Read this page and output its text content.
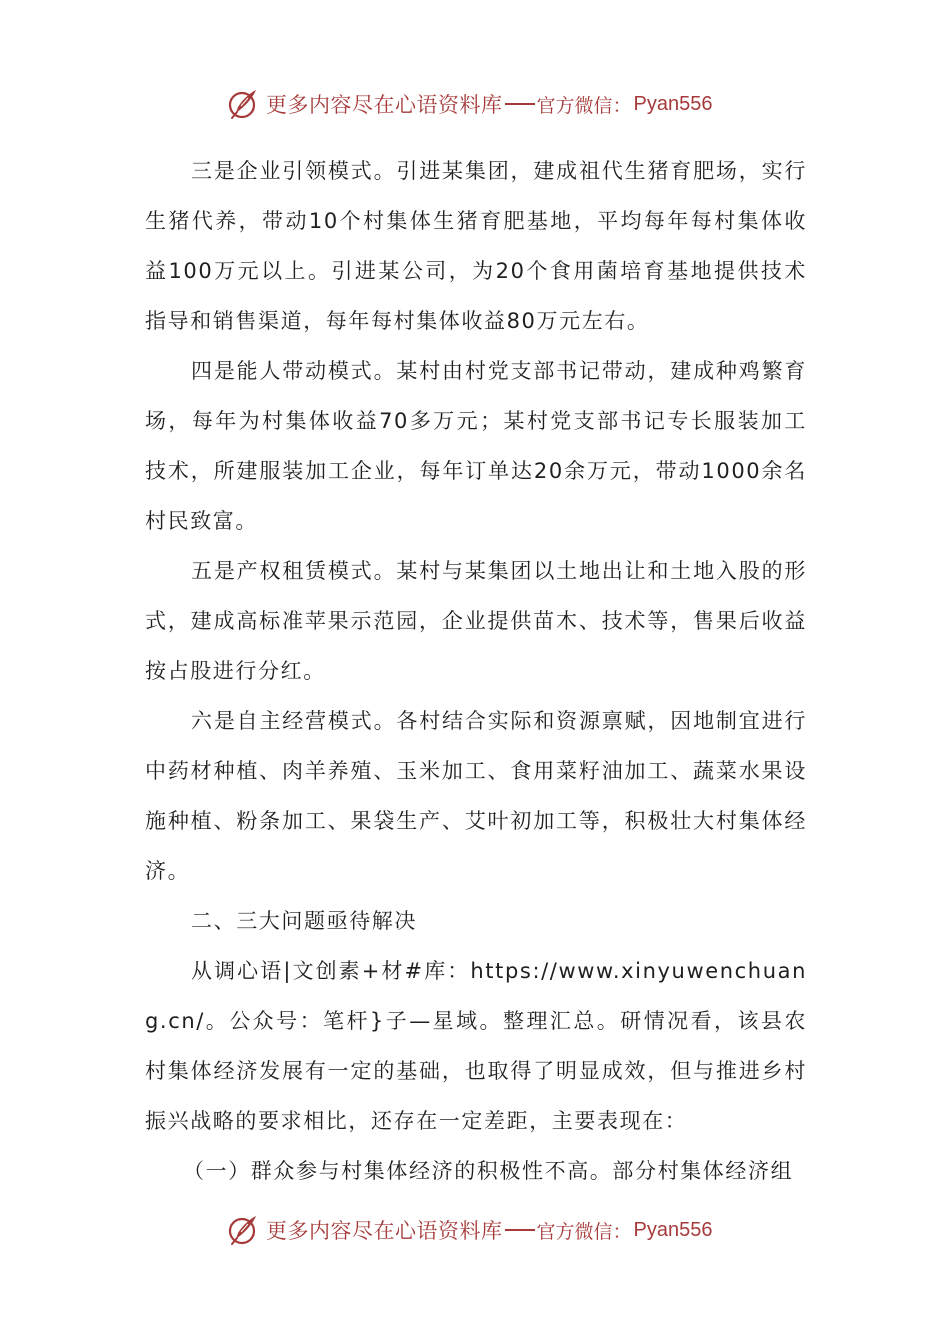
更多内容尽在心语资料库 官方微信： Pyan556

三是企业引领模式。引进某集团，建成祖代生猪育肥场，实行生猪代养，带动10个村集体生猪育肥基地，平均每年每村集体收益100万元以上。引进某公司，为20个食用菌培育基地提供技术指导和销售渠道，每年每村集体收益80万元左右。

四是能人带动模式。某村由村党支部书记带动，建成种鸡繁育场，每年为村集体收益70多万元；某村党支部书记专长服装加工技术，所建服装加工企业，每年订单达20余万元，带动1000余名村民致富。

五是产权租赁模式。某村与某集团以土地出让和土地入股的形式，建成高标准苹果示范园，企业提供苗木、技术等，售果后收益按占股进行分红。

六是自主经营模式。各村结合实际和资源禀赋，因地制宜进行中药材种植、肉羊养殖、玉米加工、食用菜籽油加工、蔬菜水果设施种植、粉条加工、果袋生产、艾叶初加工等，积极壮大村集体经济。

二、三大问题亟待解决

从调心语|文创素+材#库：https://www.xinyuwenchuang.cn/。公众号：笔杆}子—星域。整理汇总。研情况看，该县农村集体经济发展有一定的基础，也取得了明显成效，但与推进乡村振兴战略的要求相比，还存在一定差距，主要表现在：

（一）群众参与村集体经济的积极性不高。部分村集体经济组

更多内容尽在心语资料库 官方微信： Pyan556
